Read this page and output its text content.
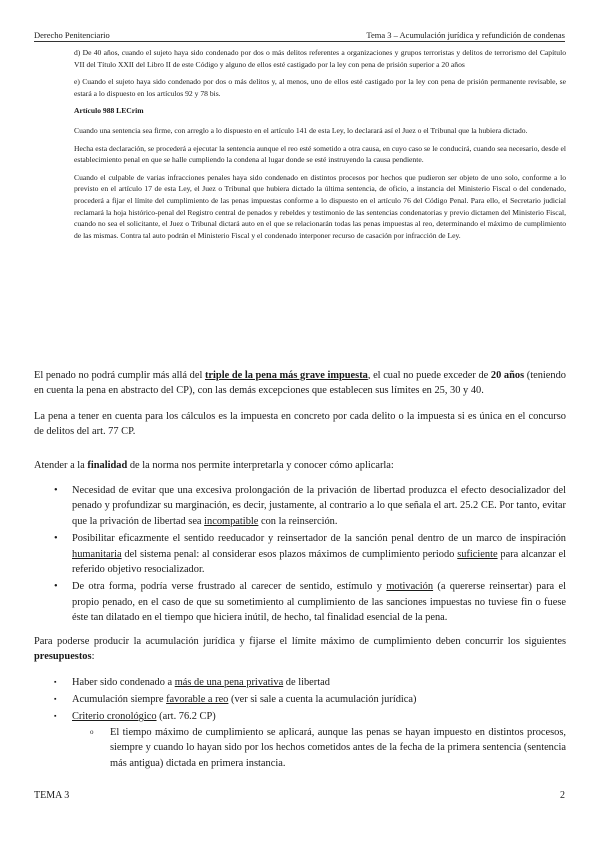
Derecho Penitenciario	Tema 3 – Acumulación jurídica y refundición de condenas

d) De 40 años, cuando el sujeto haya sido condenado por dos o más delitos referentes a organizaciones y grupos terroristas y delitos de terrorismo del Capítulo VII del Título XXII del Libro II de este Código y alguno de ellos esté castigado por la ley con pena de prisión superior a 20 años

e) Cuando el sujeto haya sido condenado por dos o más delitos y, al menos, uno de ellos esté castigado por la ley con pena de prisión permanente revisable, se estará a lo dispuesto en los artículos 92 y 78 bis.

Artículo 988 LECrim

Cuando una sentencia sea firme, con arreglo a lo dispuesto en el artículo 141 de esta Ley, lo declarará así el Juez o el Tribunal que la hubiera dictado.

Hecha esta declaración, se procederá a ejecutar la sentencia aunque el reo esté sometido a otra causa, en cuyo caso se le conducirá, cuando sea necesario, desde el establecimiento penal en que se halle cumpliendo la condena al lugar donde se esté instruyendo la causa pendiente.

Cuando el culpable de varias infracciones penales haya sido condenado en distintos procesos por hechos que pudieron ser objeto de uno solo, conforme a lo previsto en el artículo 17 de esta Ley, el Juez o Tribunal que hubiera dictado la última sentencia, de oficio, a instancia del Ministerio Fiscal o del condenado, procederá a fijar el límite del cumplimiento de las penas impuestas conforme a lo dispuesto en el artículo 76 del Código Penal. Para ello, el Secretario judicial reclamará la hoja histórico-penal del Registro central de penados y rebeldes y testimonio de las sentencias condenatorias y previo dictamen del Ministerio Fiscal, cuando no sea el solicitante, el Juez o Tribunal dictará auto en el que se relacionarán todas las penas impuestas al reo, determinando el máximo de cumplimiento de las mismas. Contra tal auto podrán el Ministerio Fiscal y el condenado interponer recurso de casación por infracción de Ley.

El penado no podrá cumplir más allá del triple de la pena más grave impuesta, el cual no puede exceder de 20 años (teniendo en cuenta la pena en abstracto del CP), con las demás excepciones que establecen sus límites en 25, 30 y 40.

La pena a tener en cuenta para los cálculos es la impuesta en concreto por cada delito o la impuesta si es única en el concurso de delitos del art. 77 CP.

Atender a la finalidad de la norma nos permite interpretarla y conocer cómo aplicarla:

• Necesidad de evitar que una excesiva prolongación de la privación de libertad produzca el efecto desocializador del penado y profundizar su marginación, es decir, justamente, al contrario a lo que señala el art. 25.2 CE. Por tanto, evitar que la privación de libertad sea incompatible con la reinserción.
• Posibilitar eficazmente el sentido reeducador y reinsertador de la sanción penal dentro de un marco de inspiración humanitaria del sistema penal: al considerar esos plazos máximos de cumplimiento periodo suficiente para alcanzar el referido objetivo resocializador.
• De otra forma, podría verse frustrado al carecer de sentido, estímulo y motivación (a quererse reinsertar) para el propio penado, en el caso de que su sometimiento al cumplimiento de las sanciones impuestas no tuviese fin o fuese éste tan dilatado en el tiempo que hiciera inútil, de hecho, tal finalidad esencial de la pena.

Para poderse producir la acumulación jurídica y fijarse el límite máximo de cumplimiento deben concurrir los siguientes presupuestos:

▪ Haber sido condenado a más de una pena privativa de libertad
▪ Acumulación siempre favorable a reo (ver si sale a cuenta la acumulación jurídica)
▪ Criterio cronológico (art. 76.2 CP)
o El tiempo máximo de cumplimiento se aplicará, aunque las penas se hayan impuesto en distintos procesos, siempre y cuando lo hayan sido por los hechos cometidos antes de la fecha de la primera sentencia (sentencia más antigua) dictada en primera instancia.
TEMA 3	2
